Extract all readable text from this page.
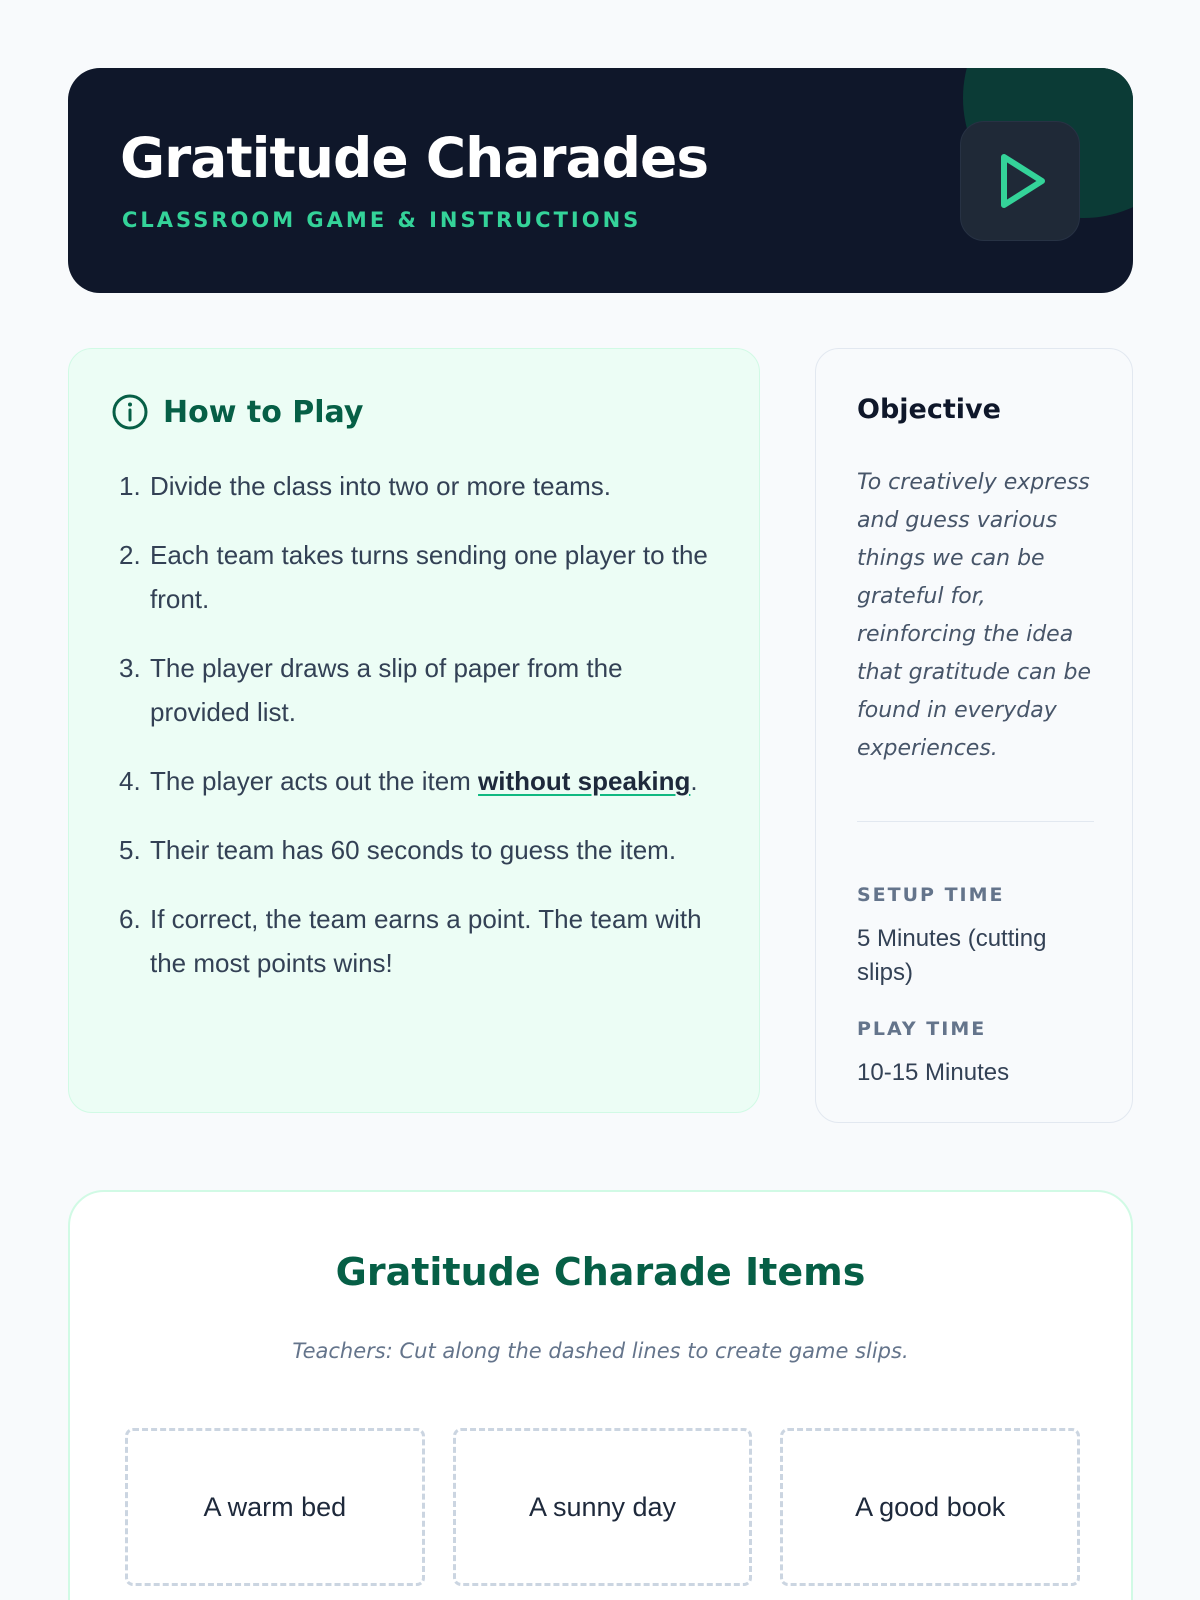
Gratitude Charades
CLASSROOM GAME & INSTRUCTIONS
How to Play
1. Divide the class into two or more teams.
2. Each team takes turns sending one player to the front.
3. The player draws a slip of paper from the provided list.
4. The player acts out the item without speaking.
5. Their team has 60 seconds to guess the item.
6. If correct, the team earns a point. The team with the most points wins!
Objective
To creatively express and guess various things we can be grateful for, reinforcing the idea that gratitude can be found in everyday experiences.
SETUP TIME
5 Minutes (cutting slips)
PLAY TIME
10-15 Minutes
Gratitude Charade Items
Teachers: Cut along the dashed lines to create game slips.
A warm bed	A sunny day	A good book
